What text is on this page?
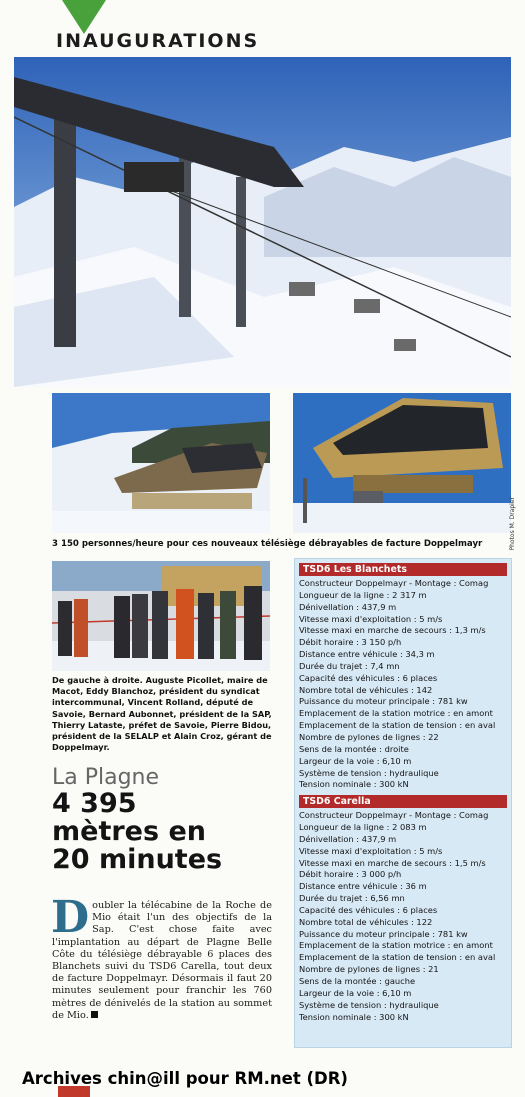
INAUGURATIONS
3 150 personnes/heure pour ces nouveaux télésiège débrayables de facture Doppelmayr	Photos M. Drapier
De gauche à droite. Auguste Picollet, maire de Macot, Eddy Blanchoz, président du syndicat intercommunal, Vincent Rolland, député de Savoie, Bernard Aubonnet, président de la SAP, Thierry Lataste, préfet de Savoie, Pierre Bidou, président de la SELALP et Alain Croz, gérant de Doppelmayr.
La Plagne
4 395
mètres en
20 minutes
Doubler la télécabine de la Roche de Mio était l'un des objectifs de la Sap. C'est chose faite avec l'implantation au départ de Plagne Belle Côte du télésiège débrayable 6 places des Blanchets suivi du TSD6 Carella, tout deux de facture Doppelmayr. Désormais il faut 20 minutes seulement pour franchir les 760 mètres de dénivelés de la station au sommet de Mio.
TSD6 Les Blanchets
Constructeur Doppelmayr - Montage : Comag
Longueur de la ligne : 2 317 m
Dénivellation : 437,9 m
Vitesse maxi d'exploitation : 5 m/s
Vitesse maxi en marche de secours : 1,3 m/s
Débit horaire : 3 150 p/h
Distance entre véhicule : 34,3 m
Durée du trajet : 7,4 mn
Capacité des véhicules : 6 places
Nombre total de véhicules : 142
Puissance du moteur principale : 781 kw
Emplacement de la station motrice : en amont
Emplacement de la station de tension : en aval
Nombre de pylones de lignes : 22
Sens de la montée : droite
Largeur de la voie : 6,10 m
Système de tension : hydraulique
Tension nominale : 300 kN
TSD6 Carella
Constructeur Doppelmayr - Montage : Comag
Longueur de la ligne : 2 083 m
Dénivellation : 437,9 m
Vitesse maxi d'exploitation : 5 m/s
Vitesse maxi en marche de secours : 1,5 m/s
Débit horaire : 3 000 p/h
Distance entre véhicule : 36 m
Durée du trajet : 6,56 mn
Capacité des véhicules : 6 places
Nombre total de véhicules : 122
Puissance du moteur principale : 781 kw
Emplacement de la station motrice : en amont
Emplacement de la station de tension : en aval
Nombre de pylones de lignes : 21
Sens de la montée : gauche
Largeur de la voie : 6,10 m
Système de tension : hydraulique
Tension nominale : 300 kN
Archives chin@ill pour RM.net (DR)
